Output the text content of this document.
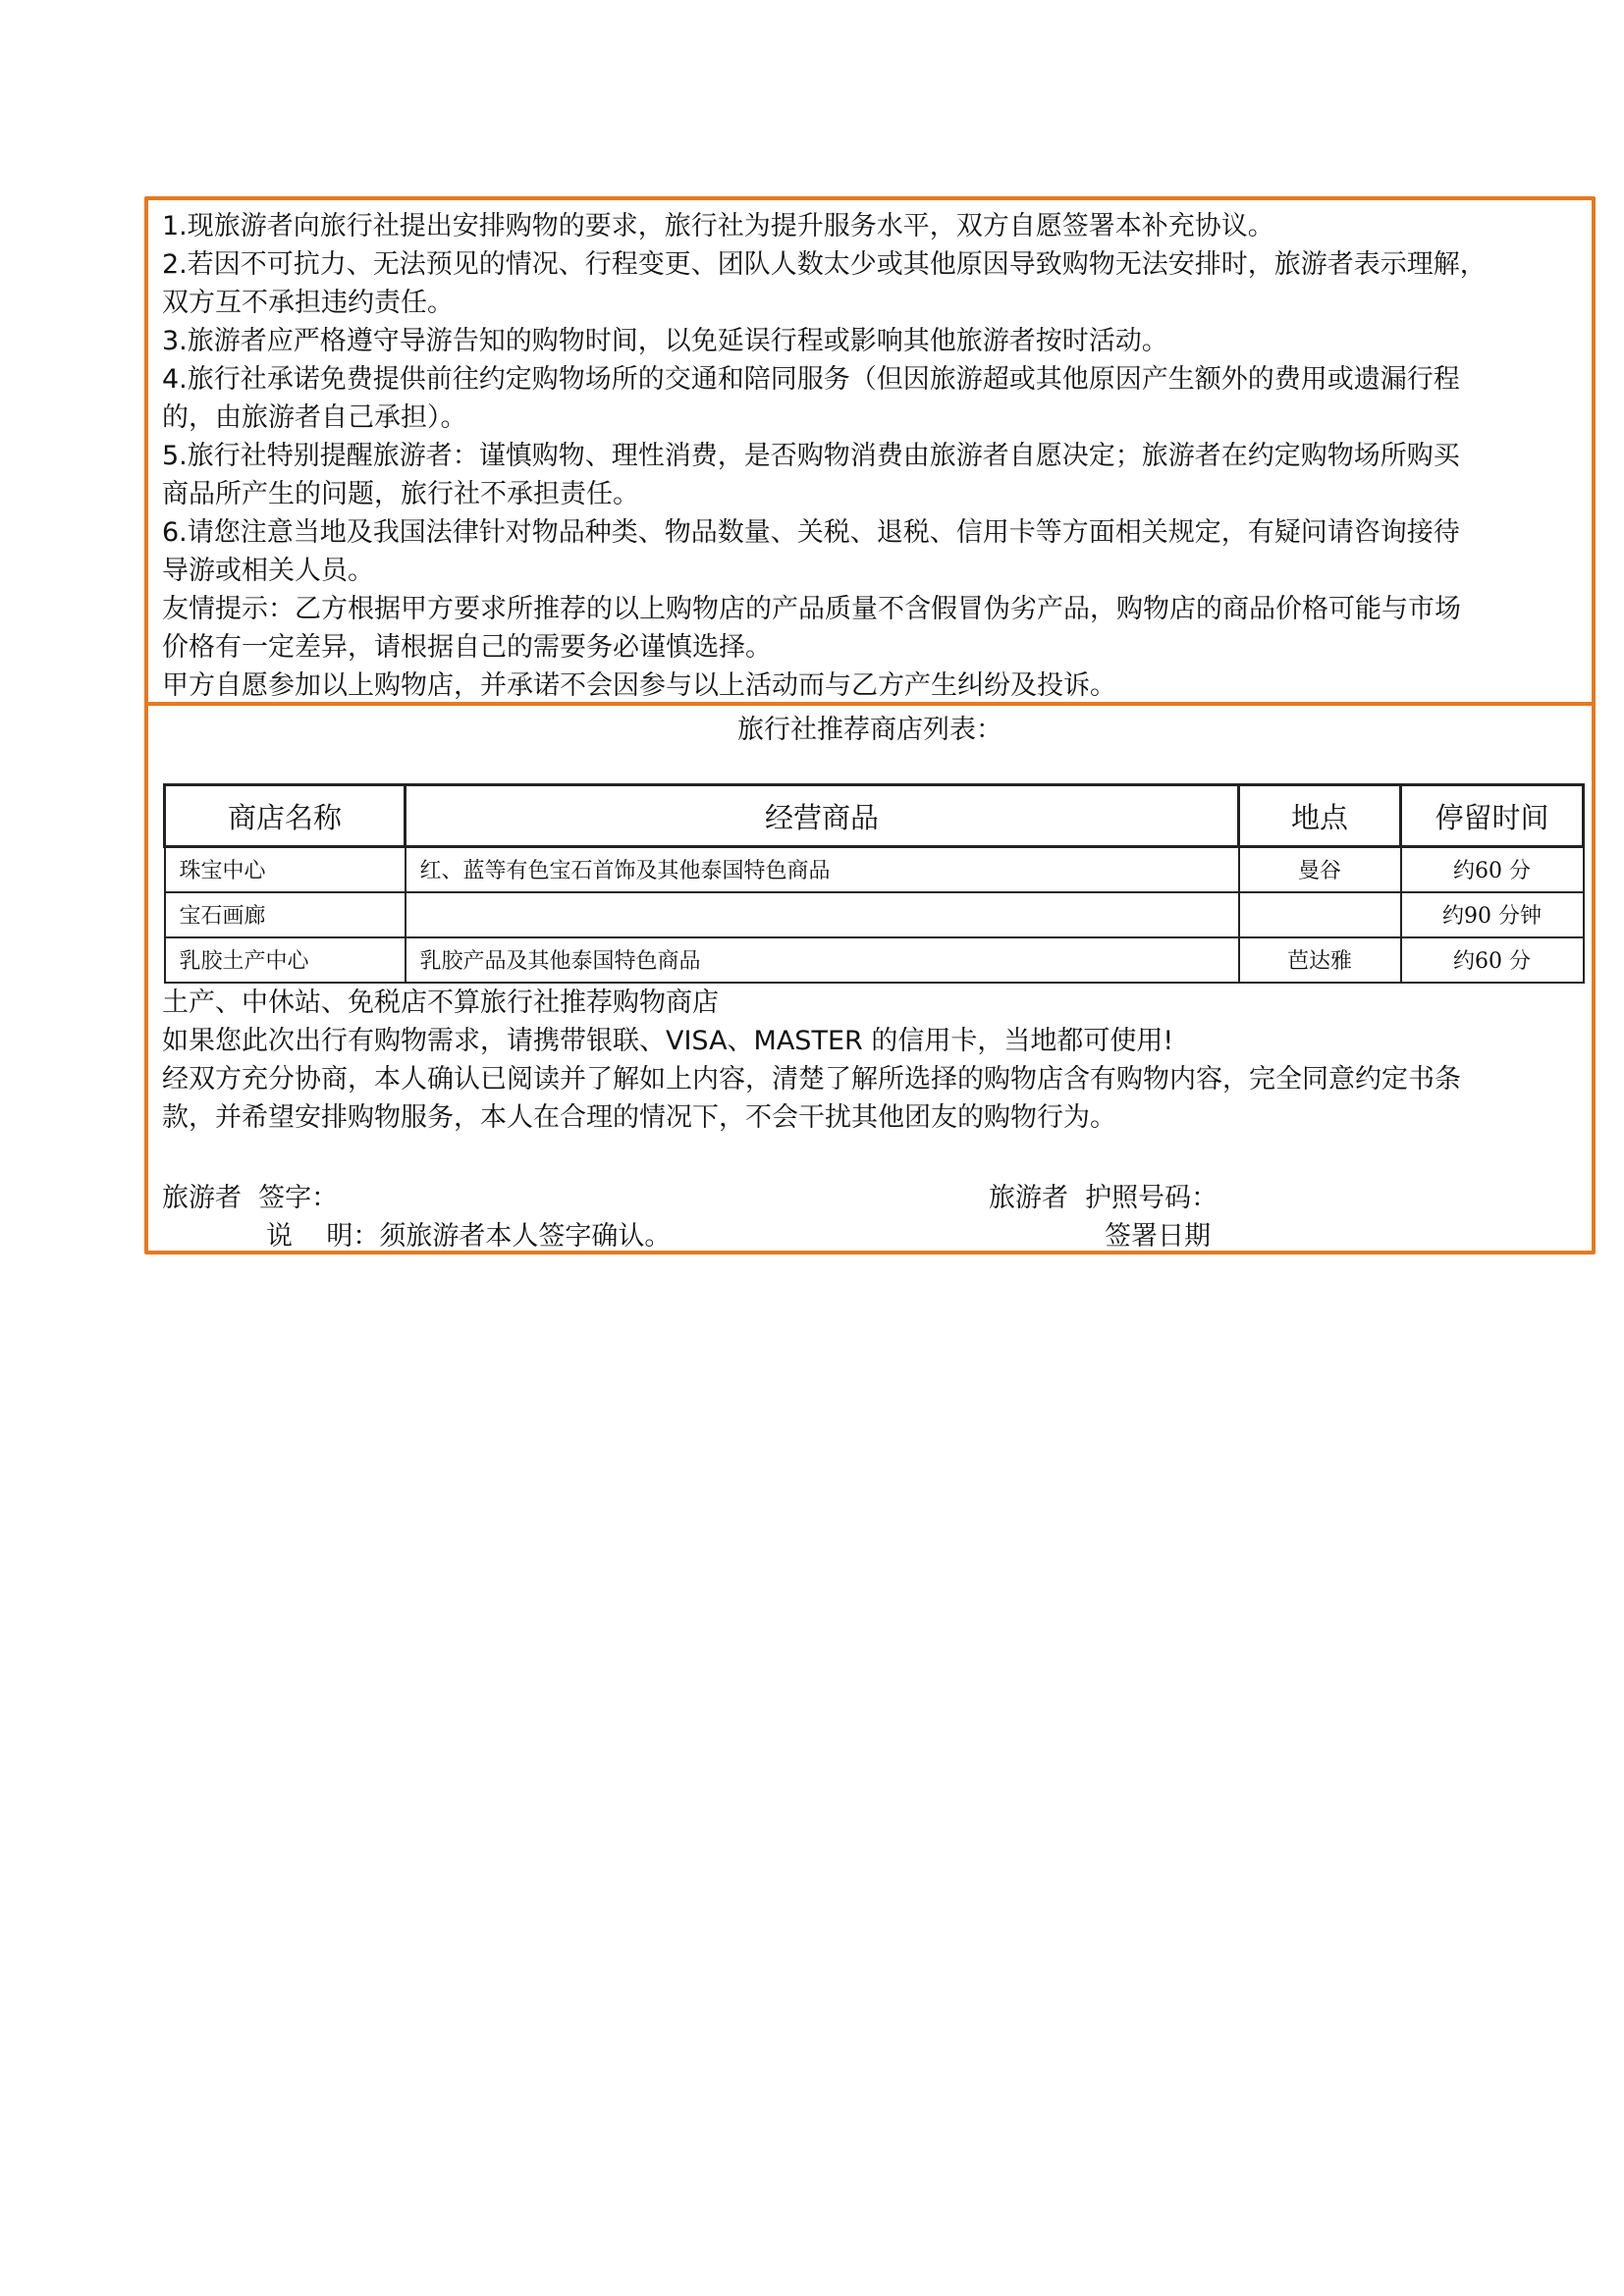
1.现旅游者向旅行社提出安排购物的要求，旅行社为提升服务水平，双方自愿签署本补充协议。
2.若因不可抗力、无法预见的情况、行程变更、团队人数太少或其他原因导致购物无法安排时，旅游者表示理解，
双方互不承担违约责任。
3.旅游者应严格遵守导游告知的购物时间，以免延误行程或影响其他旅游者按时活动。
4.旅行社承诺免费提供前往约定购物场所的交通和陪同服务（但因旅游超或其他原因产生额外的费用或遗漏行程
的，由旅游者自己承担）。
5.旅行社特别提醒旅游者：谨慎购物、理性消费，是否购物消费由旅游者自愿决定；旅游者在约定购物场所购买
商品所产生的问题，旅行社不承担责任。
6.请您注意当地及我国法律针对物品种类、物品数量、关税、退税、信用卡等方面相关规定，有疑问请咨询接待
导游或相关人员。
友情提示：乙方根据甲方要求所推荐的以上购物店的产品质量不含假冒伪劣产品，购物店的商品价格可能与市场
价格有一定差异，请根据自己的需要务必谨慎选择。
甲方自愿参加以上购物店，并承诺不会因参与以上活动而与乙方产生纠纷及投诉。
旅行社推荐商店列表：
商店名称	经营商品	地点	停留时间
珠宝中心	红、蓝等有色宝石首饰及其他泰国特色商品	曼谷	约60 分
宝石画廊			约90 分钟
乳胶土产中心	乳胶产品及其他泰国特色商品	芭达雅	约60 分
土产、中休站、免税店不算旅行社推荐购物商店
如果您此次出行有购物需求，请携带银联、VISA、MASTER 的信用卡，当地都可使用!
经双方充分协商，本人确认已阅读并了解如上内容，清楚了解所选择的购物店含有购物内容，完全同意约定书条
款，并希望安排购物服务，本人在合理的情况下，不会干扰其他团友的购物行为。
旅游者  签字：	旅游者  护照号码：
说    明：须旅游者本人签字确认。	签署日期
